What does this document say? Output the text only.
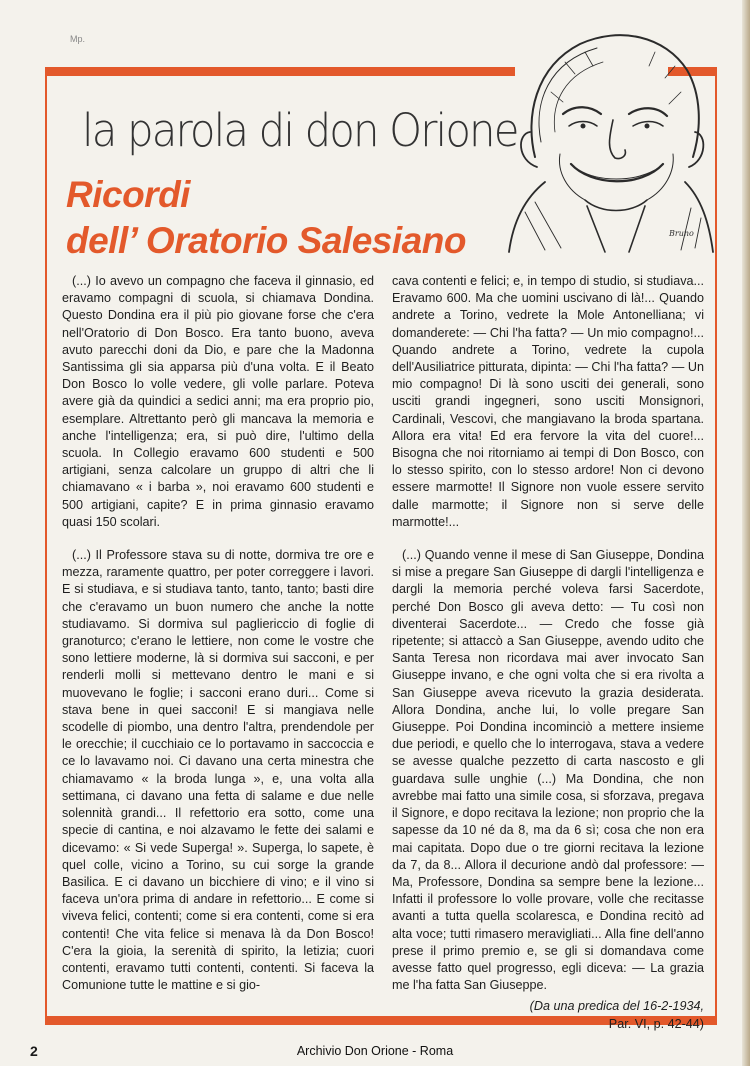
Mp.
la parola di don Orione
Ricordi
dell’ Oratorio Salesiano	Bruno

(...) Io avevo un compagno che faceva il ginnasio, ed eravamo compagni di scuola, si chiamava Dondina. Questo Dondina era il più pio giovane forse che c'era nell'Oratorio di Don Bosco. Era tanto buono, aveva avuto parecchi doni da Dio, e pare che la Madonna Santissima gli sia apparsa più d'una volta. E il Beato Don Bosco lo volle vedere, gli volle parlare. Poteva avere già da quindici a sedici anni; ma era proprio pio, esemplare. Altrettanto però gli mancava la memoria e anche l'intelligenza; era, si può dire, l'ultimo della scuola. In Collegio eravamo 600 studenti e 500 artigiani, senza calcolare un gruppo di altri che li chiamavano « i barba », noi eravamo 600 studenti e 500 artigiani, capite? E in prima ginnasio eravamo quasi 150 scolari.

(...) Il Professore stava su di notte, dormiva tre ore e mezza, raramente quattro, per poter correggere i lavori. E si studiava, e si studiava tanto, tanto, tanto; basti dire che c'eravamo un buon numero che anche la notte studiavamo. Si dormiva sul pagliericcio di foglie di granoturco; c'erano le lettiere, non come le vostre che sono lettiere moderne, là si dormiva sui sacconi, e per renderli molli si mettevano dentro le mani e si muovevano le foglie; i sacconi erano duri... Come si stava bene in quei sacconi! E si mangiava nelle scodelle di piombo, una dentro l'altra, prendendole per le orecchie; il cucchiaio ce lo portavamo in saccoccia e ce lo lavavamo noi. Ci davano una certa minestra che chiamavamo « la broda lunga », e, una volta alla settimana, ci davano una fetta di salame e due nelle solennità grandi... Il refettorio era sotto, come una specie di cantina, e noi alzavamo le fette dei salami e dicevamo: « Si vede Superga! ». Superga, lo sapete, è quel colle, vicino a Torino, su cui sorge la grande Basilica. E ci davano un bicchiere di vino; e il vino si faceva un'ora prima di andare in refettorio... E come si viveva felici, contenti; come si era contenti, come si era contenti! Che vita felice si menava là da Don Bosco! C'era la gioia, la serenità di spirito, la letizia; cuori contenti, eravamo tutti contenti, contenti. Si faceva la Comunione tutte le mattine e si gio-

cava contenti e felici; e, in tempo di studio, si studiava... Eravamo 600. Ma che uomini uscivano di là!... Quando andrete a Torino, vedrete la Mole Antonelliana; vi domanderete: — Chi l'ha fatta? — Un mio compagno!... Quando andrete a Torino, vedrete la cupola dell'Ausiliatrice pitturata, dipinta: — Chi l'ha fatta? — Un mio compagno! Di là sono usciti dei generali, sono usciti grandi ingegneri, sono usciti Monsignori, Cardinali, Vescovi, che mangiavano la broda spartana. Allora era vita! Ed era fervore la vita del cuore!... Bisogna che noi ritorniamo ai tempi di Don Bosco, con lo stesso spirito, con lo stesso ardore! Non ci devono essere marmotte! Il Signore non vuole essere servito dalle marmotte; il Signore non si serve delle marmotte!...

(...) Quando venne il mese di San Giuseppe, Dondina si mise a pregare San Giuseppe di dargli l'intelligenza e dargli la memoria perché voleva farsi Sacerdote, perché Don Bosco gli aveva detto: — Tu così non diventerai Sacerdote... — Credo che fosse già ripetente; si attaccò a San Giuseppe, avendo udito che Santa Teresa non ricordava mai aver invocato San Giuseppe invano, e che ogni volta che si era rivolta a San Giuseppe aveva ricevuto la grazia desiderata. Allora Dondina, anche lui, lo volle pregare San Giuseppe. Poi Dondina incominciò a mettere insieme due periodi, e quello che lo interrogava, stava a vedere se avesse qualche pezzetto di carta nascosto e gli guardava sulle unghie (...) Ma Dondina, che non avrebbe mai fatto una simile cosa, si sforzava, pregava il Signore, e dopo recitava la lezione; non proprio che la sapesse da 10 né da 8, ma da 6 sì; cosa che non era mai capitata. Dopo due o tre giorni recitava la lezione da 7, da 8... Allora il decurione andò dal professore: — Ma, Professore, Dondina sa sempre bene la lezione... Infatti il professore lo volle provare, volle che recitasse avanti a tutta quella scolaresca, e Dondina recitò ad alta voce; tutti rimasero meravigliati... Alla fine dell'anno prese il primo premio e, se gli si domandava come avesse fatto quel progresso, egli diceva: — La grazia me l'ha fatta San Giuseppe.

(Da una predica del 16-2-1934,
Par. VI, p. 42-44)
2	Archivio Don Orione - Roma
